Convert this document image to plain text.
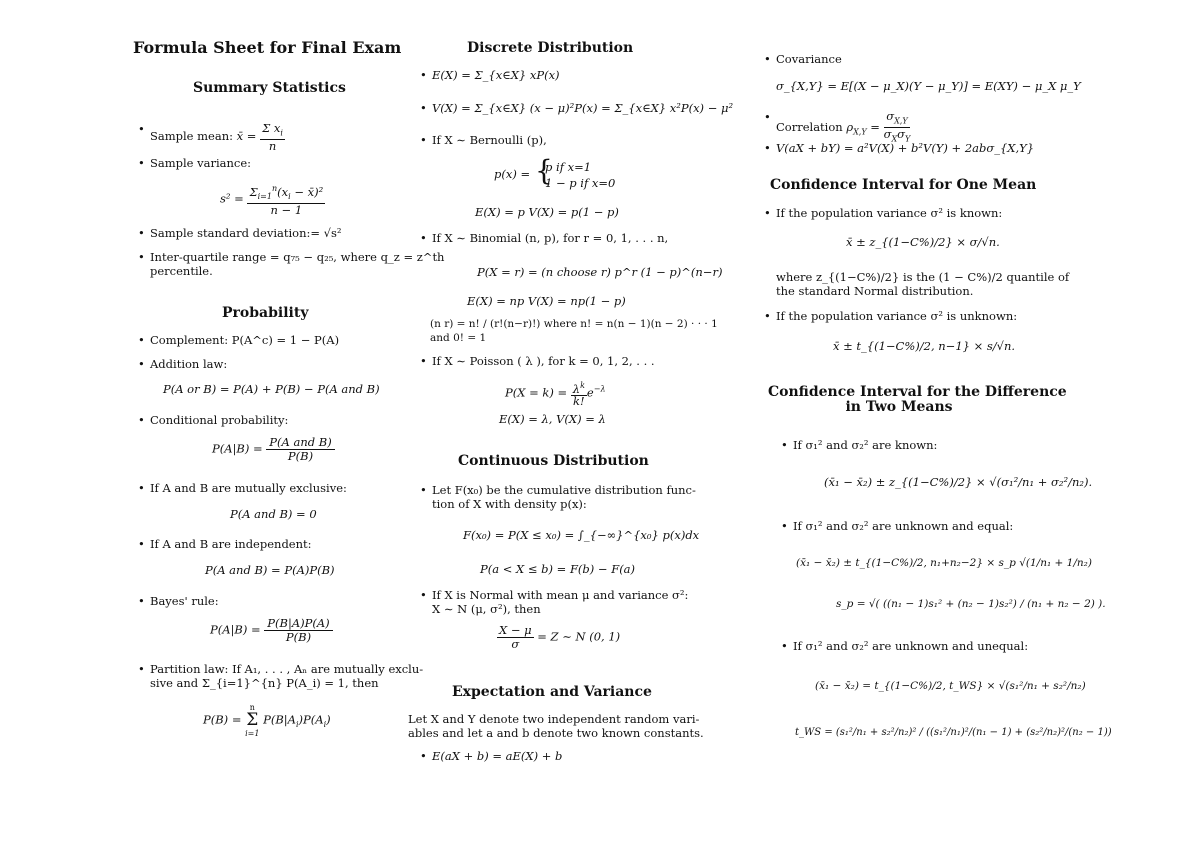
Formula Sheet for Final Exam
Summary Statistics
• Sample mean: x̄ = $\frac{\Sigma x_i}{n}$
• Sample variance:
$s^2 = \frac{\Sigma_{i=1}^n(x_i - x̄)^2}{n - 1}$
• Sample standard deviation:= √s²
• Inter-quartile range = q₇₅ − q₂₅, where q_z = z^th
percentile.
Probability
• Complement: P(A^c) = 1 − P(A)
• Addition law:
P(A or B) = P(A) + P(B) − P(A and B)
• Conditional probability:
P(A|B) = P(A and B)
P(B)
• If A and B are mutually exclusive:
P(A and B) = 0
• If A and B are independent:
P(A and B) = P(A)P(B)
• Bayes' rule:
$P(A|B) = \frac{P(B|A)P(A)}{P(B)}$
• Partition law: If A₁, . . . , Aₙ are mutually exclu-
sive and Σ_{i=1}^{n} P(A_i) = 1, then
P(B) =
n
Σ
i=1
$P(B|A_i)P(A_i)$
Discrete Distribution
• E(X) = Σ_{x∈X} xP(x)
• V(X) = Σ_{x∈X} (x − μ)²P(x) = Σ_{x∈X} x²P(x) − μ²
• If X ∼ Bernoulli (p),
p(x) = {
p if x=1
1 − p if x=0
E(X) = p V(X) = p(1 − p)
• If X ∼ Binomial (n, p), for r = 0, 1, . . . n,
P(X = r) = (n choose r) p^r (1 − p)^(n−r)
E(X) = np V(X) = np(1 − p)
(n r) = n! / (r!(n−r)!) where n! = n(n − 1)(n − 2) · · · 1
and 0! = 1
• If X ∼ Poisson ( λ ), for k = 0, 1, 2, . . .
$P(X = k) = \frac{\lambda^k}{k!} e^{-\lambda}$
E(X) = λ, V(X) = λ
Continuous Distribution
• Let F(x₀) be the cumulative distribution func-
tion of X with density p(x):
F(x₀) = P(X ≤ x₀) = ∫_{−∞}^{x₀} p(x)dx
P(a < X ≤ b) = F(b) − F(a)
• If X is Normal with mean μ and variance σ²:
X ∼ N (μ, σ²), then
$\frac{X - \mu}{\sigma} = Z$ ∼ N (0, 1)
Expectation and Variance
Let X and Y denote two independent random vari-
ables and let a and b denote two known constants.
• E(aX + b) = aE(X) + b
• Covariance
σ_{X,Y} = E[(X − μ_X)(Y − μ_Y)] = E(XY) − μ_X μ_Y
• Correlation $\rho_{X,Y}$ =
$\sigma_{X,Y}$
$\sigma_X\sigma_Y$
• V(aX + bY) = a²V(X) + b²V(Y) + 2abσ_{X,Y}
Confidence Interval for One Mean
• If the population variance σ² is known:
x̄ ± z_{(1−C%)/2} × σ/√n.
where z_{(1−C%)/2} is the (1 − C%)/2 quantile of
the standard Normal distribution.
• If the population variance σ² is unknown:
x̄ ± t_{(1−C%)/2, n−1} × s/√n.
Confidence Interval for the Difference
in Two Means
• If σ₁² and σ₂² are known:
(x̄₁ − x̄₂) ± z_{(1−C%)/2} × √(σ₁²/n₁ + σ₂²/n₂).
• If σ₁² and σ₂² are unknown and equal:
(x̄₁ − x̄₂) ± t_{(1−C%)/2, n₁+n₂−2} × s_p √(1/n₁ + 1/n₂)
s_p = √( ((n₁ − 1)s₁² + (n₂ − 1)s₂²) / (n₁ + n₂ − 2) ).
• If σ₁² and σ₂² are unknown and unequal:
(x̄₁ − x̄₂) = t_{(1−C%)/2, t_WS} × √(s₁²/n₁ + s₂²/n₂)
t_WS = (s₁²/n₁ + s₂²/n₂)² / ((s₁²/n₁)²/(n₁ − 1) + (s₂²/n₂)²/(n₂ − 1))
